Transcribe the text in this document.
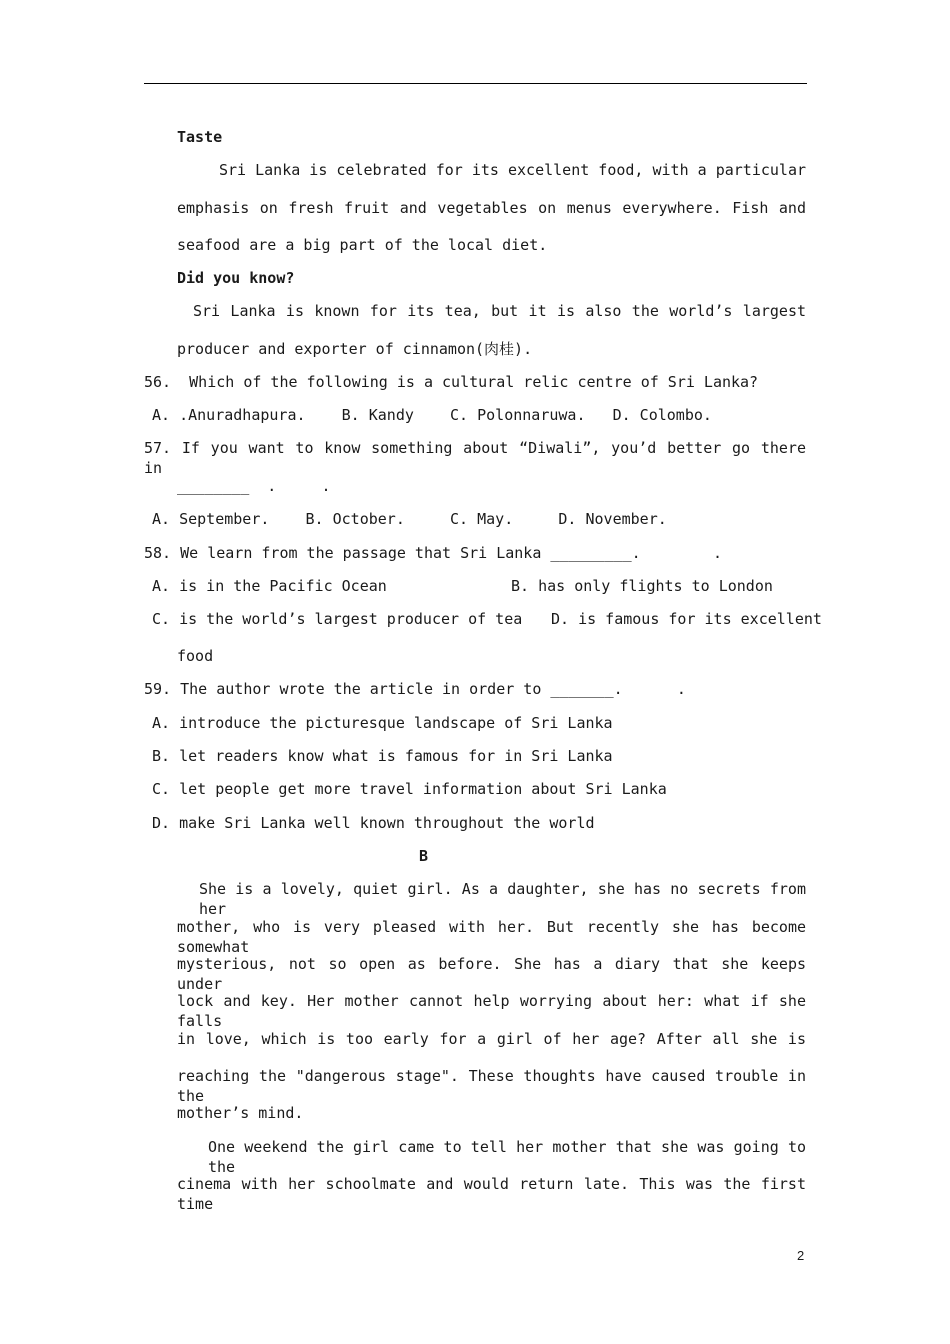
Taste
Sri Lanka is celebrated for its excellent food, with a particular
emphasis on fresh fruit and vegetables on menus everywhere. Fish and
seafood are a big part of the local diet.
Did you know?
Sri Lanka is known for its tea, but it is also the world’s largest
producer and exporter of cinnamon(肉桂).
56.  Which of the following is a cultural relic centre of Sri Lanka?
A. .Anuradhapura.    B. Kandy    C. Polonnaruwa.   D. Colombo.
57. If you want to know something about “Diwali”, you’d better go there in
________  .     .
A. September.    B. October.     C. May.     D. November.
58. We learn from the passage that Sri Lanka _________.        .
A. is in the Pacific Ocean	B. has only flights to London
C. is the world’s largest producer of tea D. is famous for its excellent
food
59. The author wrote the article in order to _______.      .
A. introduce the picturesque landscape of Sri Lanka
B. let readers know what is famous for in Sri Lanka
C. let people get more travel information about Sri Lanka
D. make Sri Lanka well known throughout the world
B
She is a lovely, quiet girl. As a daughter, she has no secrets from her
mother, who is very pleased with her. But recently she has become somewhat
mysterious, not so open as before. She has a diary that she keeps under
lock and key. Her mother cannot help worrying about her: what if she falls
in love, which is too early for a girl of her age? After all she is
reaching the "dangerous stage". These thoughts have caused trouble in the
mother’s mind.
One weekend the girl came to tell her mother that she was going to the
cinema with her schoolmate and would return late. This was the first time
2
